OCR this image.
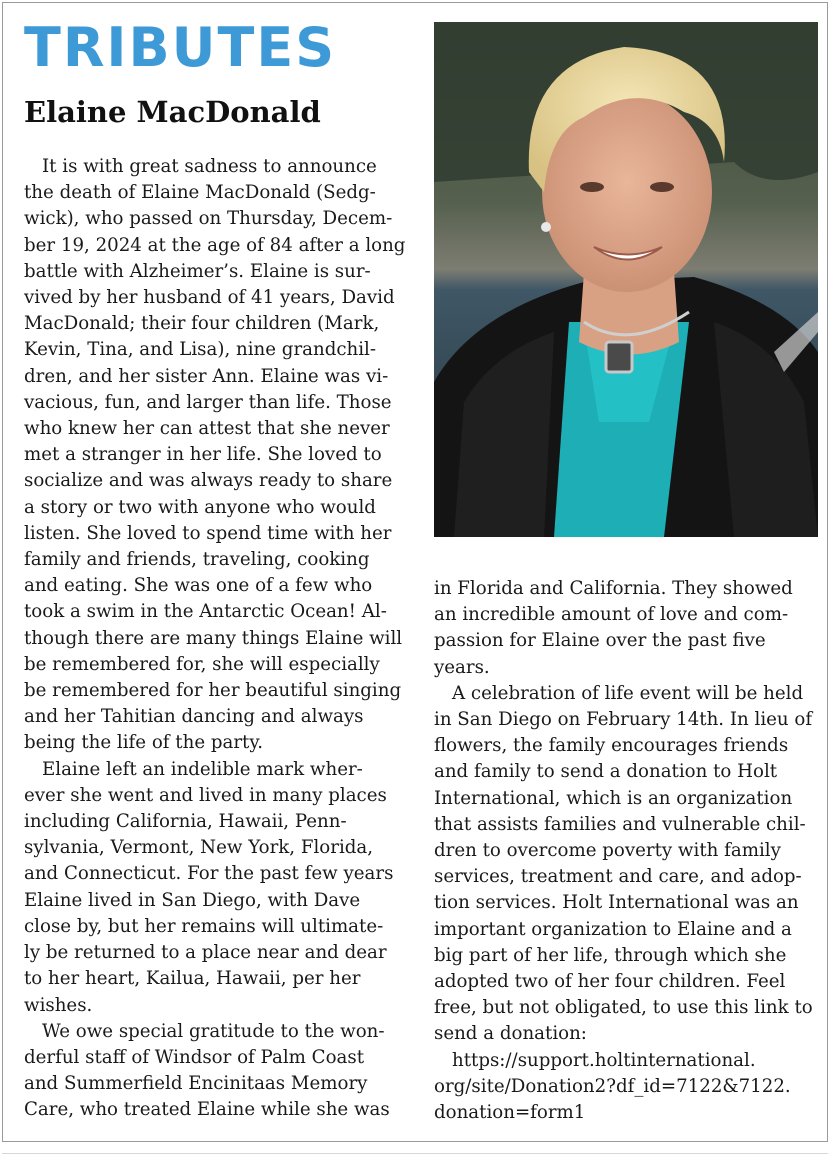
TRIBUTES
Elaine MacDonald
It is with great sadness to announce
the death of Elaine MacDonald (Sedg-
wick), who passed on Thursday, Decem-
ber 19, 2024 at the age of 84 after a long
battle with Alzheimer’s. Elaine is sur-
vived by her husband of 41 years, David
MacDonald; their four children (Mark,
Kevin, Tina, and Lisa), nine grandchil-
dren, and her sister Ann. Elaine was vi-
vacious, fun, and larger than life. Those
who knew her can attest that she never
met a stranger in her life. She loved to
socialize and was always ready to share
a story or two with anyone who would
listen. She loved to spend time with her
family and friends, traveling, cooking
and eating. She was one of a few who
took a swim in the Antarctic Ocean! Al-
though there are many things Elaine will
be remembered for, she will especially
be remembered for her beautiful singing
and her Tahitian dancing and always
being the life of the party.
Elaine left an indelible mark wher-
ever she went and lived in many places
including California, Hawaii, Penn-
sylvania, Vermont, New York, Florida,
and Connecticut. For the past few years
Elaine lived in San Diego, with Dave
close by, but her remains will ultimate-
ly be returned to a place near and dear
to her heart, Kailua, Hawaii, per her
wishes.
We owe special gratitude to the won-
derful staff of Windsor of Palm Coast
and Summerfield Encinitaas Memory
Care, who treated Elaine while she was
in Florida and California. They showed
an incredible amount of love and com-
passion for Elaine over the past five
years.
A celebration of life event will be held
in San Diego on February 14th. In lieu of
flowers, the family encourages friends
and family to send a donation to Holt
International, which is an organization
that assists families and vulnerable chil-
dren to overcome poverty with family
services, treatment and care, and adop-
tion services. Holt International was an
important organization to Elaine and a
big part of her life, through which she
adopted two of her four children. Feel
free, but not obligated, to use this link to
send a donation:
https://support.holtinternational.
org/site/Donation2?df_id=7122&7122.
donation=form1
